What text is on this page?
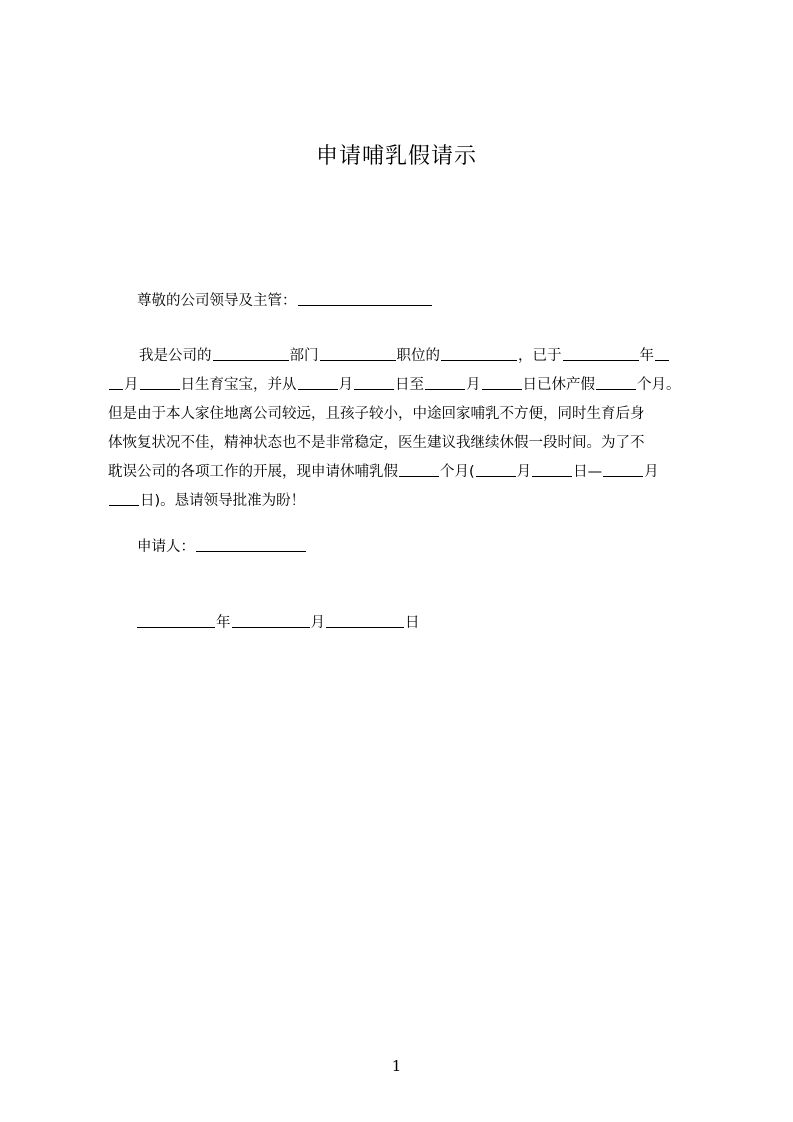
申请哺乳假请示
尊敬的公司领导及主管：
我是公司的	部门	职位的	，已于	年
月	日生育宝宝，并从	月	日至	月	日已休产假	个月。
但是由于本人家住地离公司较远，且孩子较小，中途回家哺乳不方便，同时生育后身
体恢复状况不佳，精神状态也不是非常稳定，医生建议我继续休假一段时间。为了不
耽误公司的各项工作的开展，现申请休哺乳假	个月(	月	日—	月
日)。恳请领导批准为盼！
申请人：
年	月	日
1
